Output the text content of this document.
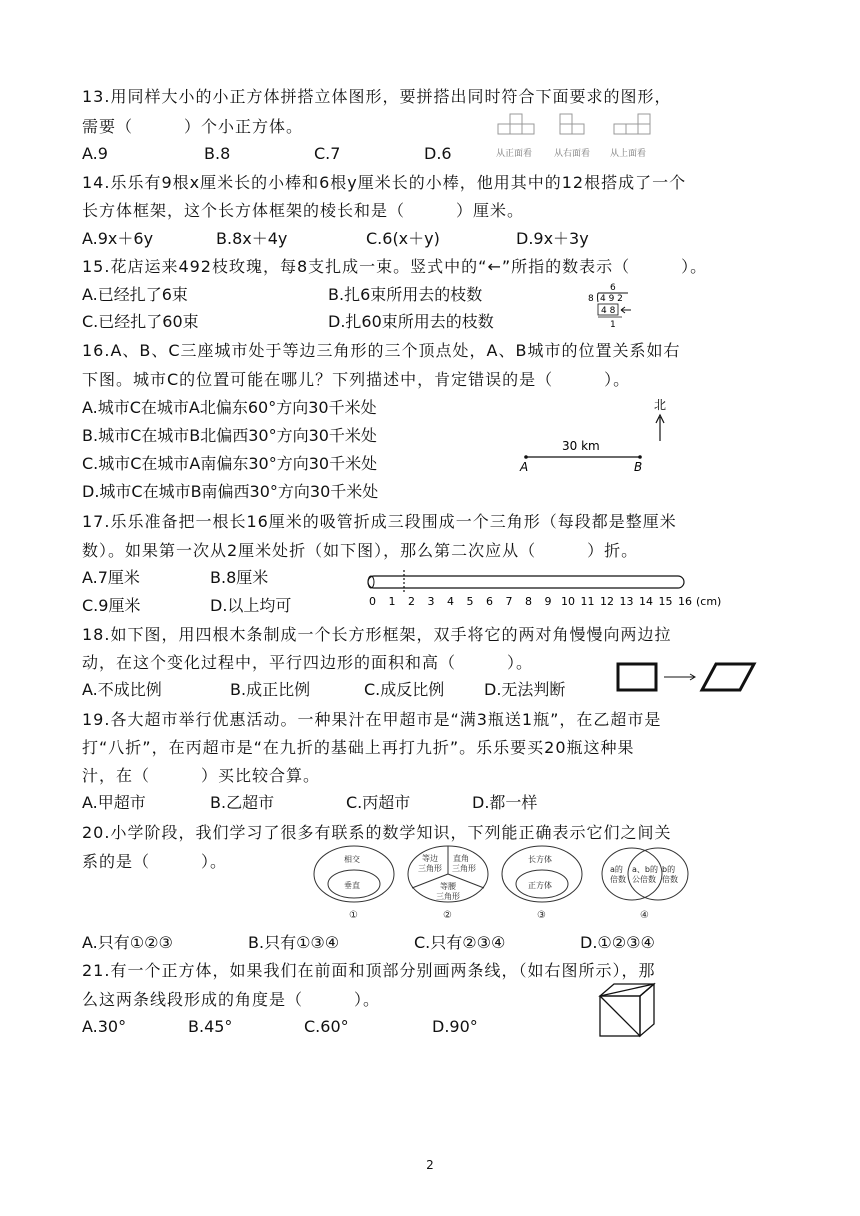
13.用同样大小的小正方体拼搭立体图形，要拼搭出同时符合下面要求的图形，
需要（　　　）个小正方体。
A.9	B.8	C.7	D.6	从正面看 从右面看 从上面看
14.乐乐有9根x厘米长的小棒和6根y厘米长的小棒，他用其中的12根搭成了一个
长方体框架，这个长方体框架的棱长和是（　　　）厘米。
A.9x＋6y	B.8x＋4y	C.6(x＋y)	D.9x＋3y
15.花店运来492枝玫瑰，每8支扎成一束。竖式中的“←”所指的数表示（　　　）。
A.已经扎了6束	B.扎6束所用去的枝数
C.已经扎了60束	D.扎60束所用去的枝数
6
8 4 9 2
4 8
1
16.A、B、C三座城市处于等边三角形的三个顶点处，A、B城市的位置关系如右
下图。城市C的位置可能在哪儿？下列描述中，肯定错误的是（　　　）。
A.城市C在城市A北偏东60°方向30千米处
B.城市C在城市B北偏西30°方向30千米处
C.城市C在城市A南偏东30°方向30千米处
D.城市C在城市B南偏西30°方向30千米处
北
30 km
A	B
17.乐乐准备把一根长16厘米的吸管折成三段围成一个三角形（每段都是整厘米
数）。如果第一次从2厘米处折（如下图），那么第二次应从（　　　）折。
A.7厘米	B.8厘米
C.9厘米	D.以上均可	0 1 2 3 4 5 6 7 8 9 10 11 12 13 14 15 16 (cm)
18.如下图，用四根木条制成一个长方形框架，双手将它的两对角慢慢向两边拉
动，在这个变化过程中，平行四边形的面积和高（　　　）。
A.不成比例	B.成正比例	C.成反比例 D.无法判断
19.各大超市举行优惠活动。一种果汁在甲超市是“满3瓶送1瓶”，在乙超市是
打“八折”，在丙超市是“在九折的基础上再打九折”。乐乐要买20瓶这种果
汁，在（　　　）买比较合算。
A.甲超市	B.乙超市	C.丙超市	D.都一样
20.小学阶段，我们学习了很多有联系的数学知识，下列能正确表示它们之间关
系的是（　　　）。	相交
垂直
等边
三角形
直角
三角形
等腰
三角形
长方体
正方体
a的
倍数
a、b的
公倍数
b的
倍数
①	②	③	④
A.只有①②③	B.只有①③④	C.只有②③④	D.①②③④
21.有一个正方体，如果我们在前面和顶部分别画两条线，（如右图所示），那
么这两条线段形成的角度是（　　　）。
A.30°	B.45°	C.60°	D.90°
2
